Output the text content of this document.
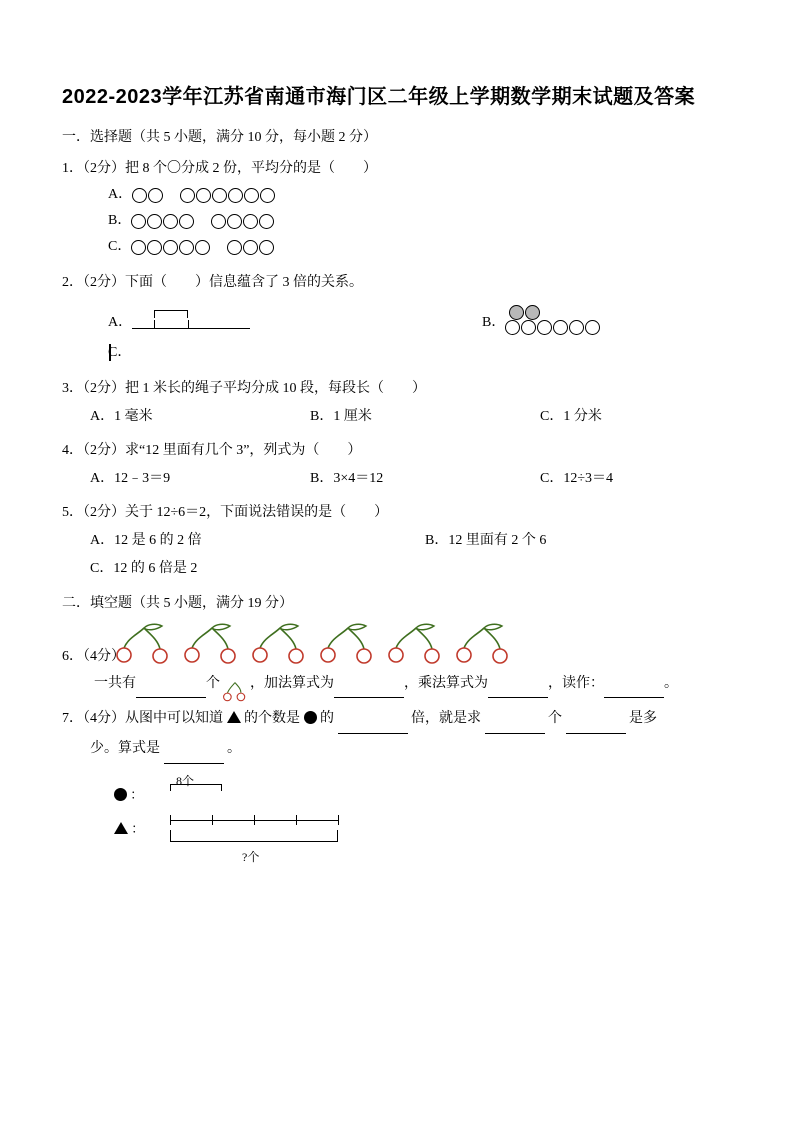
2022-2023学年江苏省南通市海门区二年级上学期数学期末试题及答案
一．选择题（共 5 小题，满分 10 分，每小题 2 分）
1．（2分）把 8 个〇分成 2 份，平均分的是（　　）
A．
B．
C．
2．（2分）下面（　　）信息蕴含了 3 倍的关系。
A．	B．
C．
3．（2分）把 1 米长的绳子平均分成 10 段，每段长（　　）
A．1 毫米	B．1 厘米	C．1 分米
4．（2分）求“12 里面有几个 3”，列式为（　　）
A．12﹣3＝9	B．3×4＝12	C．12÷3＝4
5．（2分）关于 12÷6＝2，下面说法错误的是（　　）
A．12 是 6 的 2 倍	B．12 里面有 2 个 6
C．12 的 6 倍是 2
二．填空题（共 5 小题，满分 19 分）
6．（4分）
一共有	个 ，加法算式为	，乘法算式为	，读作：	。
7．（4分）从图中可以知道 的个数是 的	倍，就是求	个	是多
少。算式是	。
：
：
8个
?个
